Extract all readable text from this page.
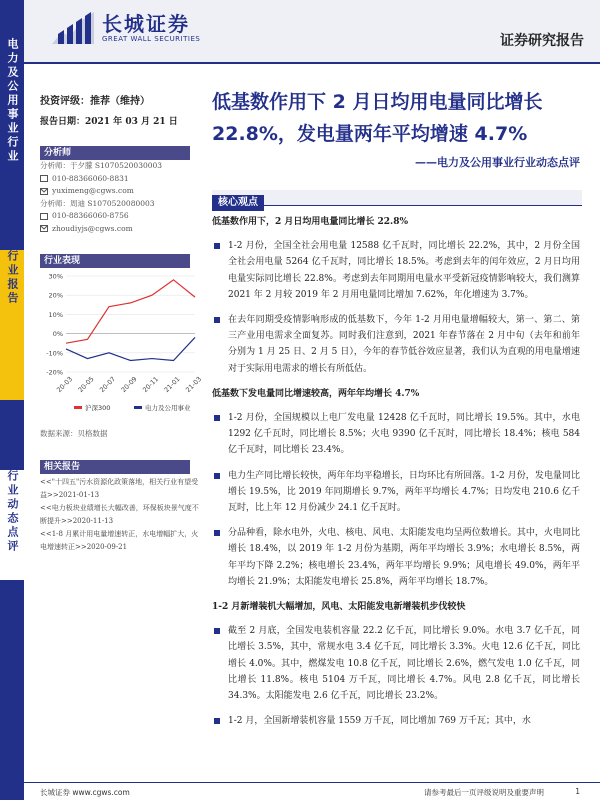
电力及公用事业行业
行业报告
行业动态点评
长城证券
GREAT WALL SECURITIES	证券研究报告
投资评级：推荐（维持）
报告日期：2021 年 03 月 21 日
分析师
分析师：于夕朦 S1070520030003
010-88366060-8831
yuximeng@cgws.com
分析师：周迪 S1070520080003
010-88366060-8756
zhoudiyjs@cgws.com
行业表现
30%
20%
10%
0%
-10%
-20%
20-03 20-05 20-07 20-09 20-11 21-01 21-03
沪深300	电力及公用事业
数据来源：贝格数据
相关报告
<<"十四五"污水资源化政策落地，相关行业有望受益>>2021-01-13
<<电力板块业绩增长大幅改善，环保板块景气度不断提升>>2020-11-13
<<1-8 月累计用电量增速转正，水电增幅扩大，火电增速转正>>2020-09-21
低基数作用下 2 月日均用电量同比增长 22.8%，发电量两年平均增速 4.7%
——电力及公用事业行业动态点评
核心观点
低基数作用下，2 月日均用电量同比增长 22.8%
1-2 月份，全国全社会用电量 12588 亿千瓦时，同比增长 22.2%，其中，2 月份全国全社会用电量 5264 亿千瓦时，同比增长 18.5%。考虑到去年的闰年效应，2 月日均用电量实际同比增长 22.8%。考虑到去年同期用电量水平受新冠疫情影响较大，我们测算 2021 年 2 月较 2019 年 2 月用电量同比增加 7.62%，年化增速为 3.7%。
在去年同期受疫情影响形成的低基数下，今年 1-2 月用电量增幅较大，第一、第二、第三产业用电需求全面复苏。同时我们注意到，2021 年春节落在 2 月中旬（去年和前年分别为 1 月 25 日、2 月 5 日），今年的春节低谷效应显著，我们认为直观的用电量增速对于实际用电需求的增长有所低估。
低基数下发电量同比增速较高，两年年均增长 4.7%
1-2 月份，全国规模以上电厂发电量 12428 亿千瓦时，同比增长 19.5%。其中，水电 1292 亿千瓦时，同比增长 8.5%；火电 9390 亿千瓦时，同比增长 18.4%；核电 584 亿千瓦时，同比增长 23.4%。
电力生产同比增长较快，两年年均平稳增长，日均环比有所回落。1-2 月份，发电量同比增长 19.5%，比 2019 年同期增长 9.7%，两年平均增长 4.7%；日均发电 210.6 亿千瓦时，比上年 12 月份减少 24.1 亿千瓦时。
分品种看，除水电外，火电、核电、风电、太阳能发电均呈两位数增长。其中，火电同比增长 18.4%，以 2019 年 1-2 月份为基期，两年平均增长 3.9%；水电增长 8.5%，两年平均下降 2.2%；核电增长 23.4%，两年平均增长 9.9%；风电增长 49.0%，两年平均增长 21.9%；太阳能发电增长 25.8%，两年平均增长 18.7%。
1-2 月新增装机大幅增加，风电、太阳能发电新增装机步伐较快
截至 2 月底，全国发电装机容量 22.2 亿千瓦，同比增长 9.0%。水电 3.7 亿千瓦，同比增长 3.5%，其中，常规水电 3.4 亿千瓦，同比增长 3.3%。火电 12.6 亿千瓦，同比增长 4.0%。其中，燃煤发电 10.8 亿千瓦，同比增长 2.6%，燃气发电 1.0 亿千瓦，同比增长 11.8%。核电 5104 万千瓦，同比增长 4.7%。风电 2.8 亿千瓦，同比增长 34.3%。太阳能发电 2.6 亿千瓦，同比增长 23.2%。
1-2 月，全国新增装机容量 1559 万千瓦，同比增加 769 万千瓦；其中，水
长城证券 www.cgws.com	请参考最后一页评级说明及重要声明	1
